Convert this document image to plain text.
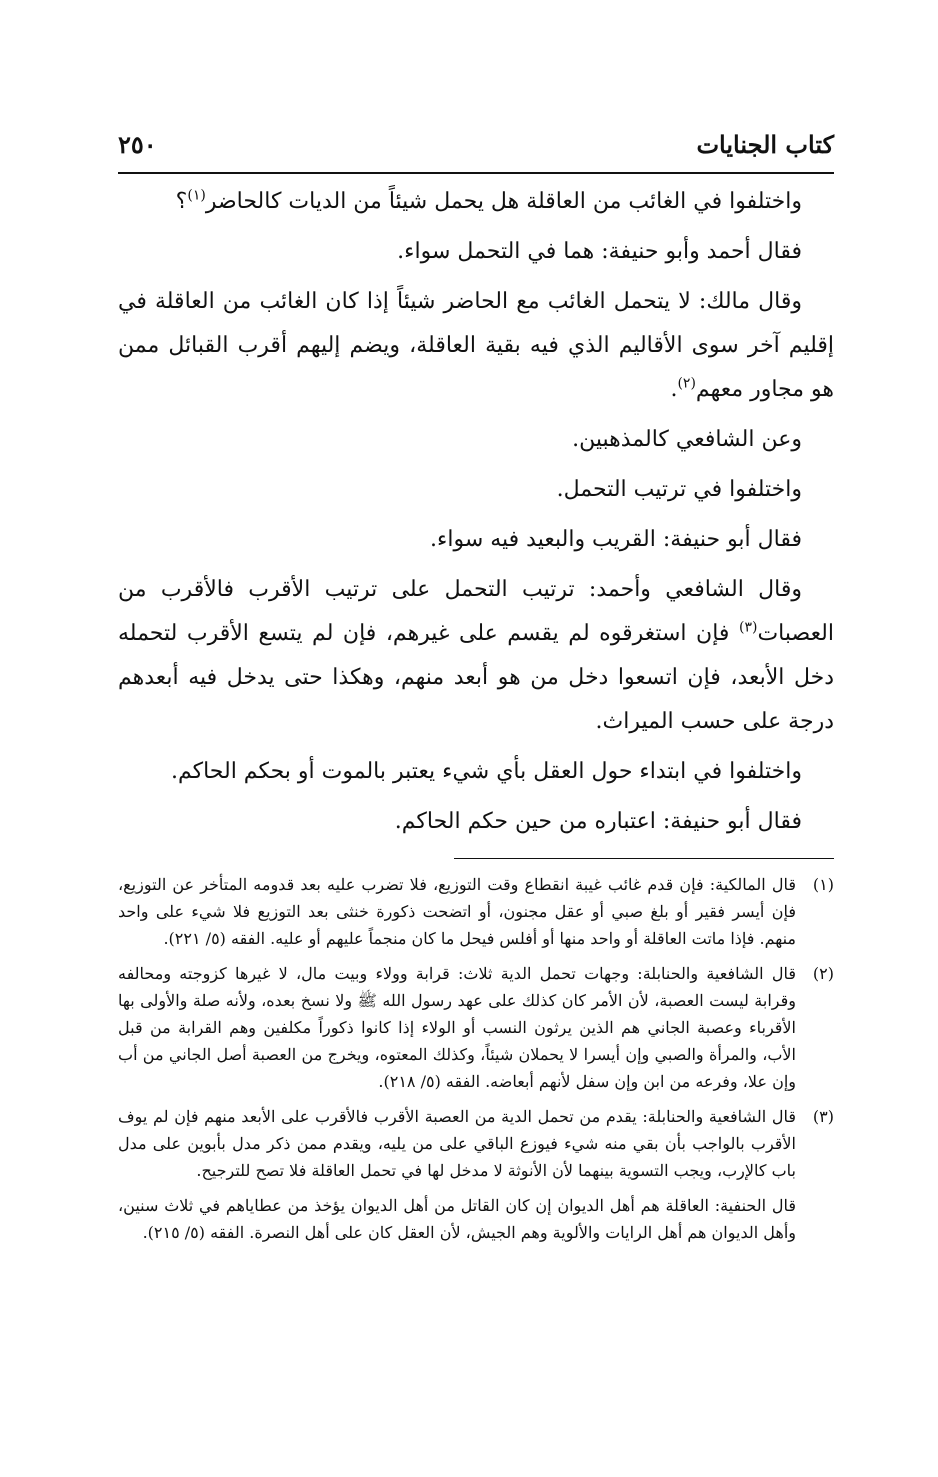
كتاب الجنايات
٢٥٠

واختلفوا في الغائب من العاقلة هل يحمل شيئاً من الديات كالحاضر$^{(١)}$؟

فقال أحمد وأبو حنيفة: هما في التحمل سواء.

وقال مالك: لا يتحمل الغائب مع الحاضر شيئاً إذا كان الغائب من العاقلة في إقليم آخر سوى الأقاليم الذي فيه بقية العاقلة، ويضم إليهم أقرب القبائل ممن هو مجاور معهم$^{(٢)}$.

وعن الشافعي كالمذهبين.

واختلفوا في ترتيب التحمل.

فقال أبو حنيفة: القريب والبعيد فيه سواء.

وقال الشافعي وأحمد: ترتيب التحمل على ترتيب الأقرب فالأقرب من العصبات$^{(٣)}$ فإن استغرقوه لم يقسم على غيرهم، فإن لم يتسع الأقرب لتحمله دخل الأبعد، فإن اتسعوا دخل من هو أبعد منهم، وهكذا حتى يدخل فيه أبعدهم درجة على حسب الميراث.

واختلفوا في ابتداء حول العقل بأي شيء يعتبر بالموت أو بحكم الحاكم.

فقال أبو حنيفة: اعتباره من حين حكم الحاكم.

(١)
قال المالكية: فإن قدم غائب غيبة انقطاع وقت التوزيع، فلا تضرب عليه بعد قدومه المتأخر عن التوزيع، فإن أيسر فقير أو بلغ صبي أو عقل مجنون، أو اتضحت ذكورة خنثى بعد التوزيع فلا شيء على واحد منهم. فإذا ماتت العاقلة أو واحد منها أو أفلس فيحل ما كان منجماً عليهم أو عليه. الفقه (٥/ ٢٢١).
(٢)
قال الشافعية والحنابلة: وجهات تحمل الدية ثلاث: قرابة وولاء وبيت مال، لا غيرها كزوجته ومحالفه وقرابة ليست العصبة، لأن الأمر كان كذلك على عهد رسول الله ﷺ ولا نسخ بعده، ولأنه صلة والأولى بها الأقرباء وعصبة الجاني هم الذين يرثون النسب أو الولاء إذا كانوا ذكوراً مكلفين وهم القرابة من قبل الأب، والمرأة والصبي وإن أيسرا لا يحملان شيئاً، وكذلك المعتوه، ويخرج من العصبة أصل الجاني من أب وإن علا، وفرعه من ابن وإن سفل لأنهم أبعاضه. الفقه (٥/ ٢١٨).
(٣)
قال الشافعية والحنابلة: يقدم من تحمل الدية من العصبة الأقرب فالأقرب على الأبعد منهم فإن لم يوف الأقرب بالواجب بأن بقي منه شيء فيوزع الباقي على من يليه، ويقدم ممن ذكر مدل بأبوين على مدل باب كالإرب، ويجب التسوية بينهما لأن الأنوثة لا مدخل لها في تحمل العاقلة فلا تصح للترجيح.
قال الحنفية: العاقلة هم أهل الديوان إن كان القاتل من أهل الديوان يؤخذ من عطاياهم في ثلاث سنين، وأهل الديوان هم أهل الرايات والألوية وهم الجيش، لأن العقل كان على أهل النصرة. الفقه (٥/ ٢١٥).
